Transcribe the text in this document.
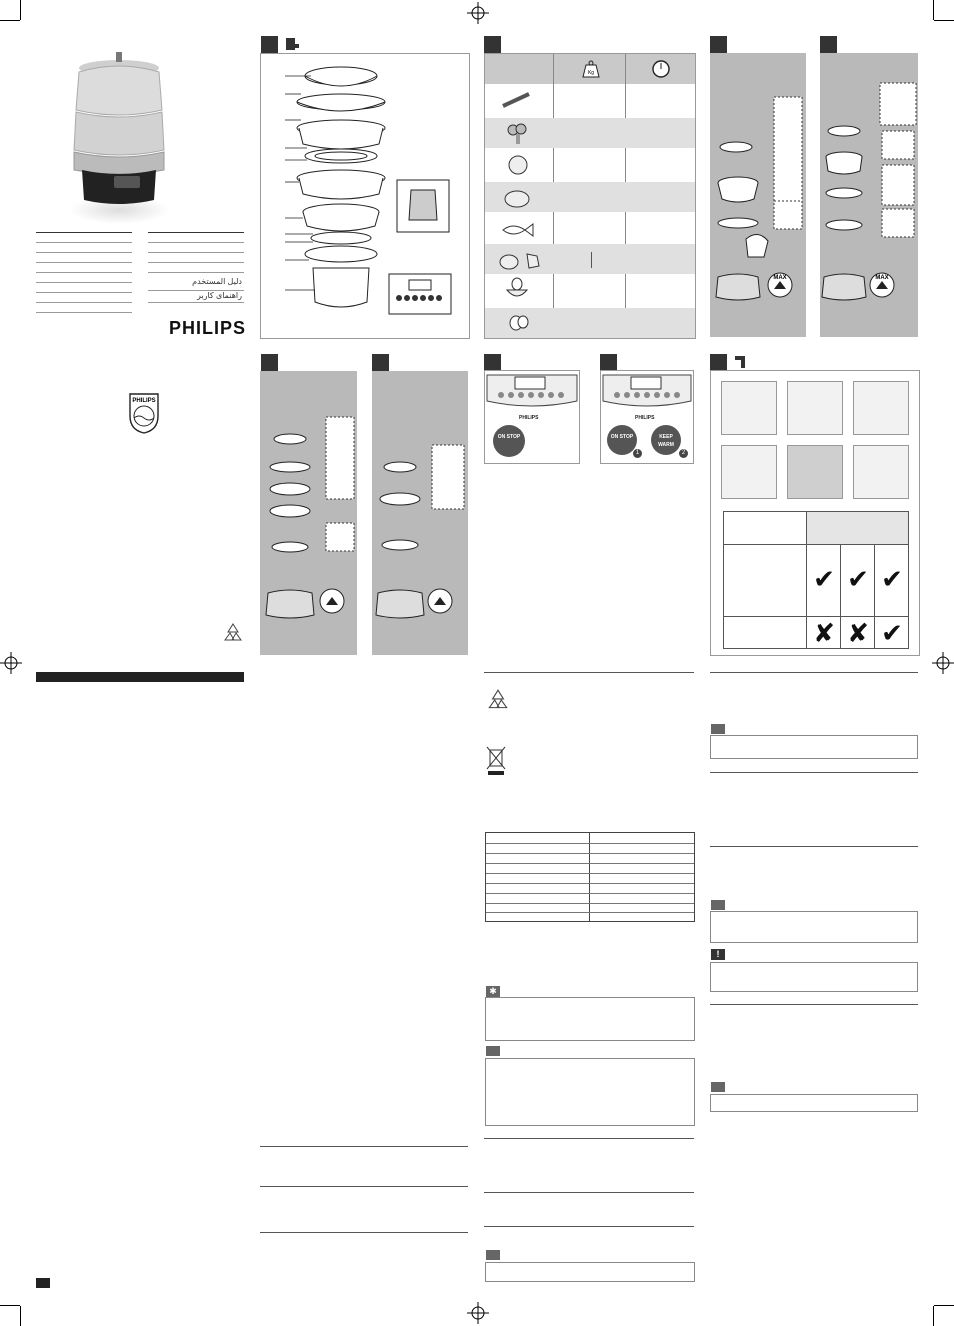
دليل المستخدم
راهنمای کاربر
PHILIPS
PHILIPS
Kg
MAX	MAX
PHILIPS
ON STOP
PHILIPS
ON STOP
1
KEEP WARM
2
✔ ✔ ✔
✘ ✘ ✔
✱
!
